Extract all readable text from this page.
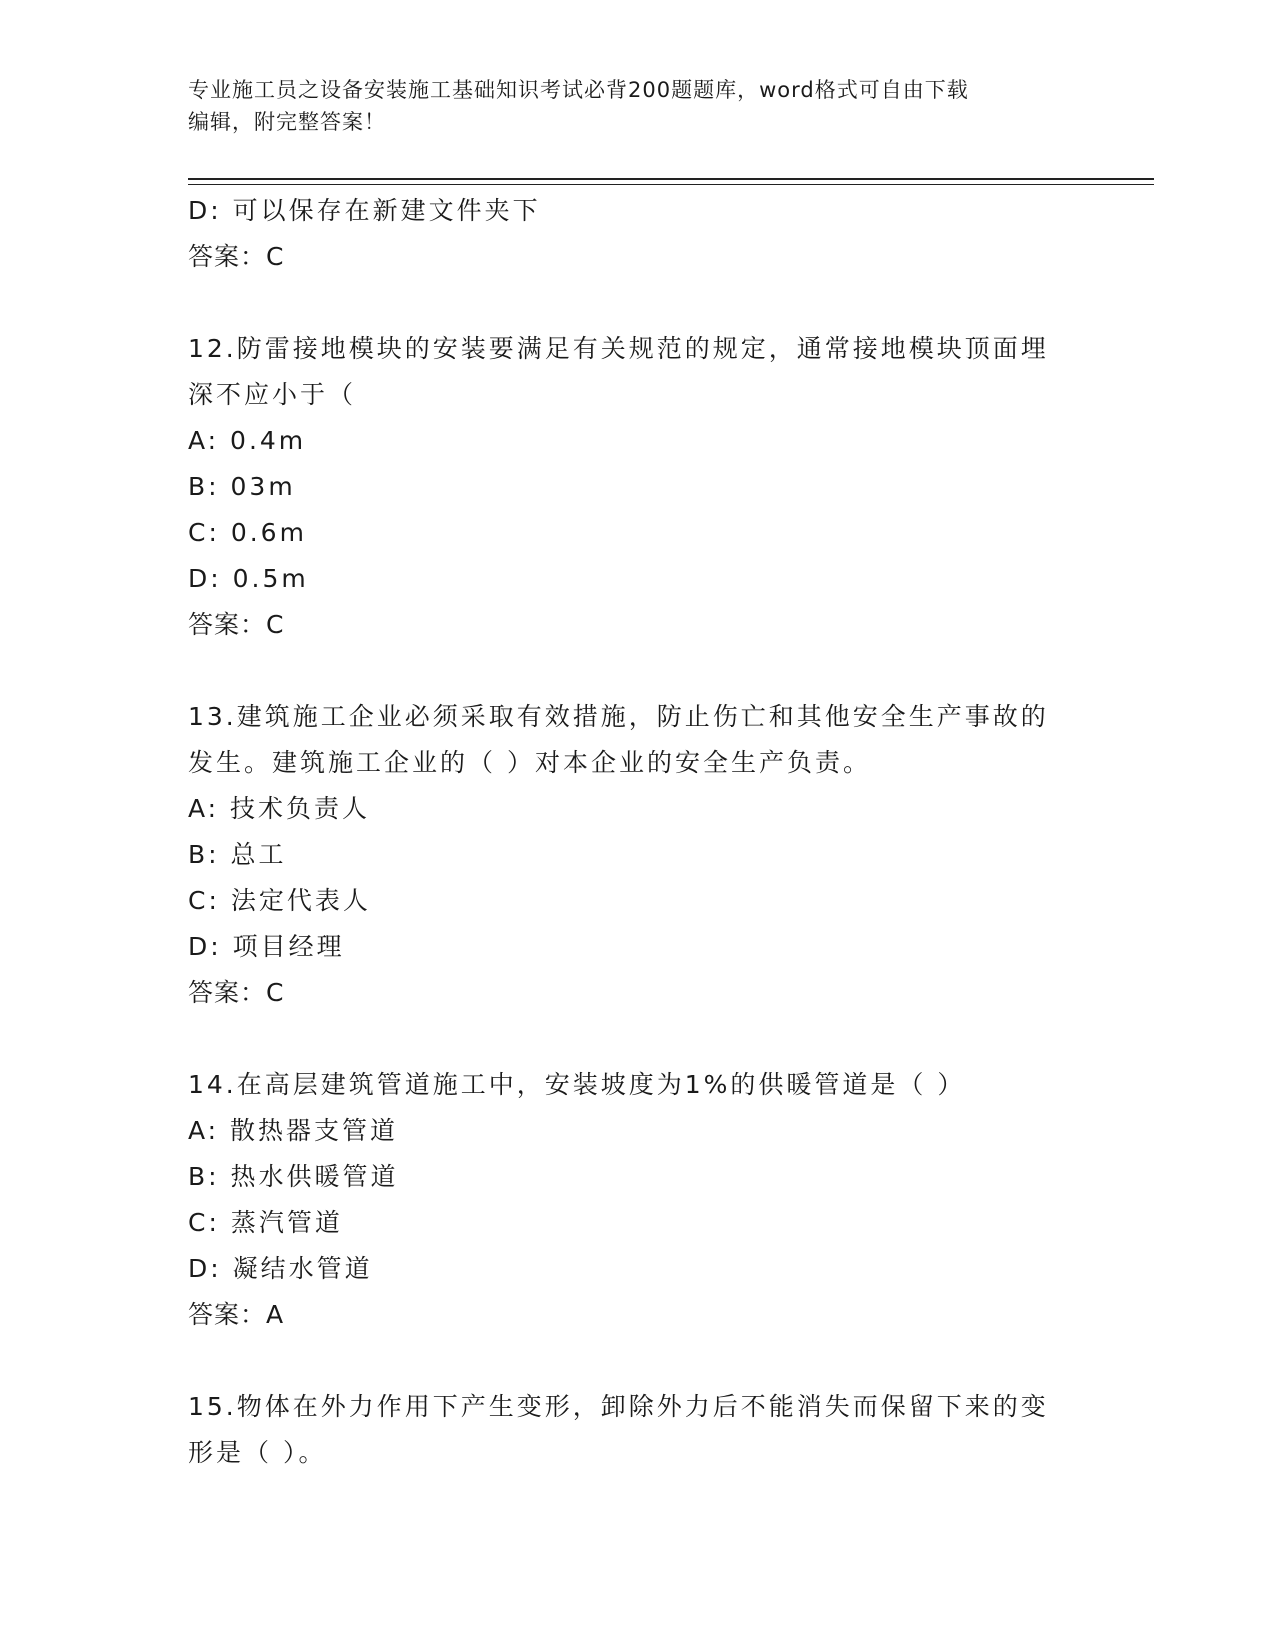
专业施工员之设备安装施工基础知识考试必背200题题库，word格式可自由下载
编辑，附完整答案！
D: 可以保存在新建文件夹下
答案：C
12.防雷接地模块的安装要满足有关规范的规定，通常接地模块顶面埋
深不应小于（
A: 0.4m
B: 03m
C: 0.6m
D: 0.5m
答案：C
13.建筑施工企业必须采取有效措施，防止伤亡和其他安全生产事故的
发生。建筑施工企业的（ ）对本企业的安全生产负责。
A: 技术负责人
B: 总工
C: 法定代表人
D: 项目经理
答案：C
14.在高层建筑管道施工中，安装坡度为1%的供暖管道是（ ）
A: 散热器支管道
B: 热水供暖管道
C: 蒸汽管道
D: 凝结水管道
答案：A
15.物体在外力作用下产生变形，卸除外力后不能消失而保留下来的变
形是（ ）。
